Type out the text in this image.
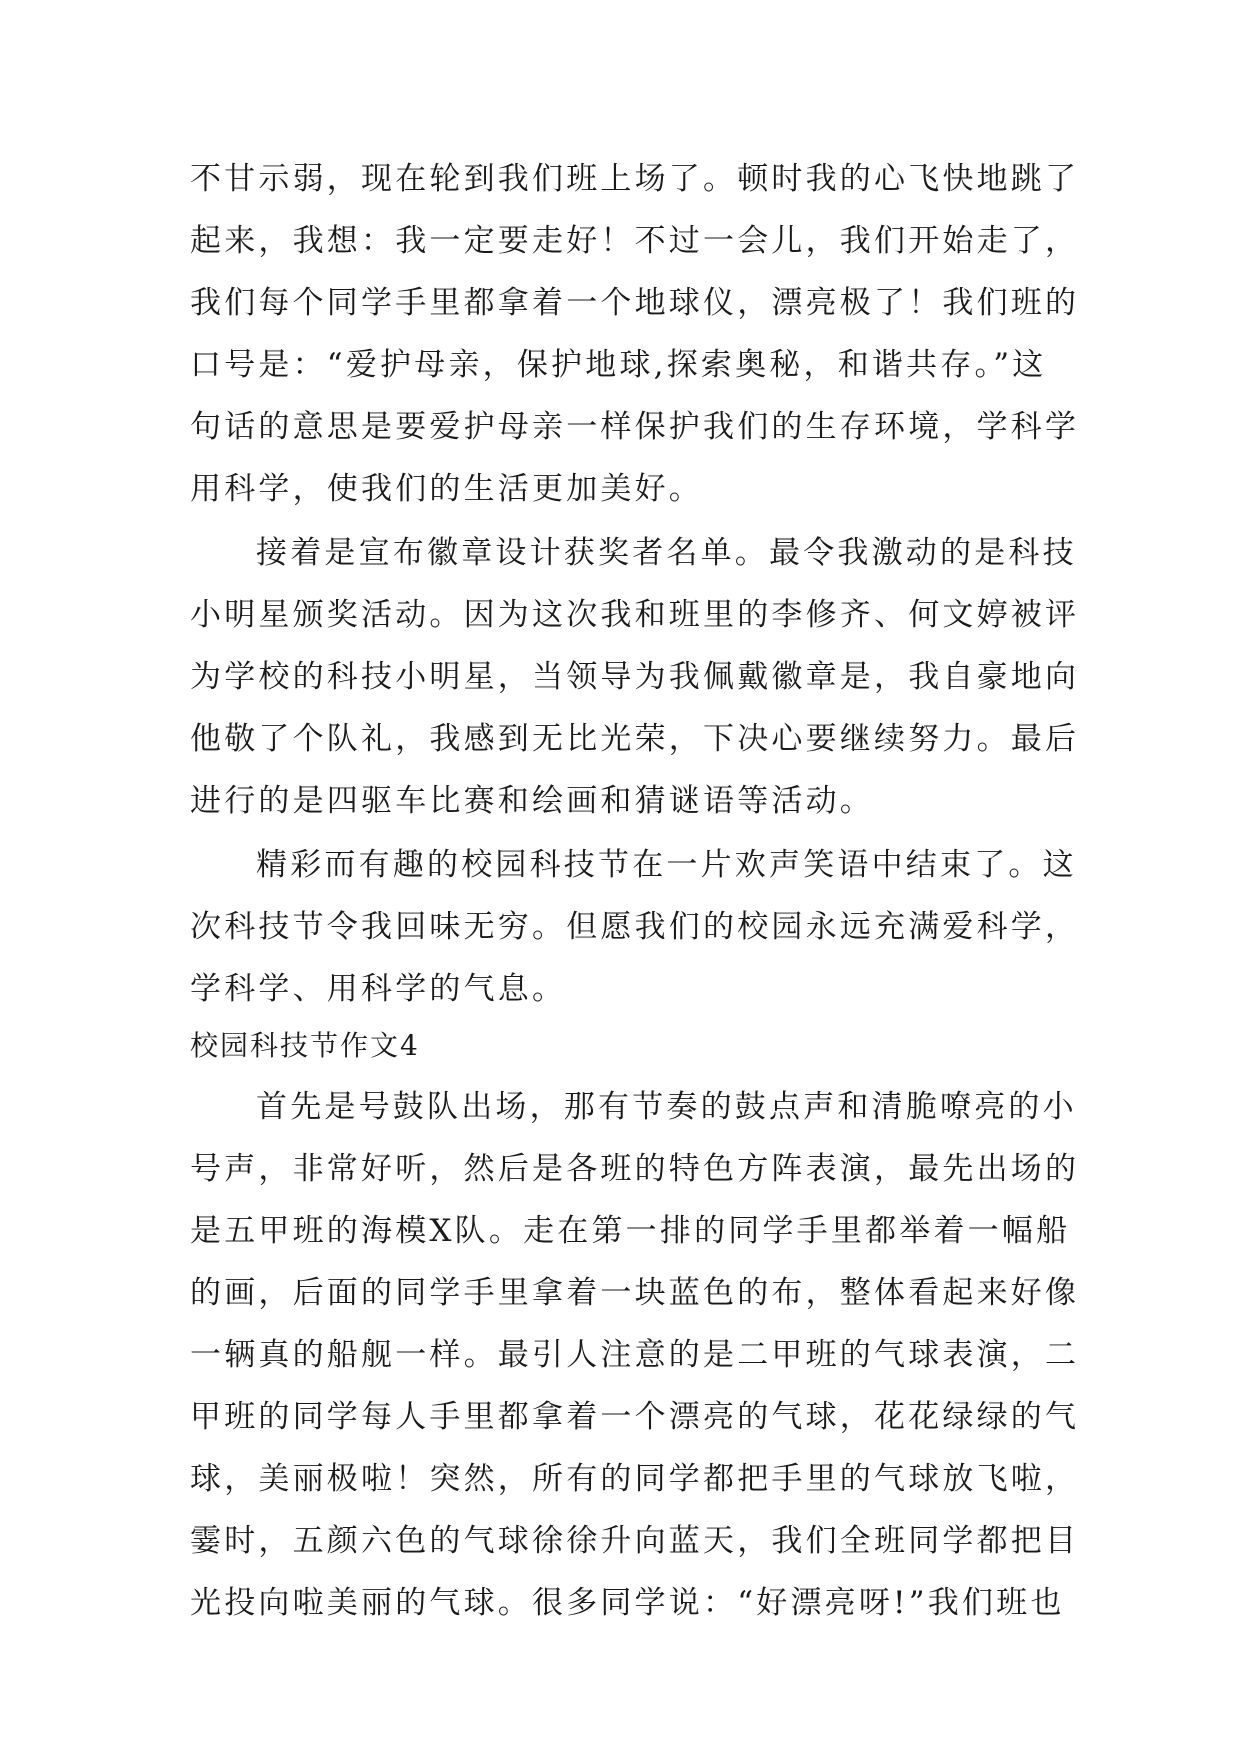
不甘示弱，现在轮到我们班上场了。顿时我的心飞快地跳了
起来，我想：我一定要走好！不过一会儿，我们开始走了，
我们每个同学手里都拿着一个地球仪，漂亮极了！我们班的
口号是：“爱护母亲，保护地球,探索奥秘，和谐共存。”这
句话的意思是要爱护母亲一样保护我们的生存环境，学科学
用科学，使我们的生活更加美好。
接着是宣布徽章设计获奖者名单。最令我激动的是科技
小明星颁奖活动。因为这次我和班里的李修齐、何文婷被评
为学校的科技小明星，当领导为我佩戴徽章是，我自豪地向
他敬了个队礼，我感到无比光荣，下决心要继续努力。最后
进行的是四驱车比赛和绘画和猜谜语等活动。
精彩而有趣的校园科技节在一片欢声笑语中结束了。这
次科技节令我回味无穷。但愿我们的校园永远充满爱科学，
学科学、用科学的气息。
校园科技节作文4
首先是号鼓队出场，那有节奏的鼓点声和清脆嘹亮的小
号声，非常好听，然后是各班的特色方阵表演，最先出场的
是五甲班的海模X队。走在第一排的同学手里都举着一幅船
的画，后面的同学手里拿着一块蓝色的布，整体看起来好像
一辆真的船舰一样。最引人注意的是二甲班的气球表演，二
甲班的同学每人手里都拿着一个漂亮的气球，花花绿绿的气
球，美丽极啦！突然，所有的同学都把手里的气球放飞啦，
霎时，五颜六色的气球徐徐升向蓝天，我们全班同学都把目
光投向啦美丽的气球。很多同学说：“好漂亮呀!”我们班也
